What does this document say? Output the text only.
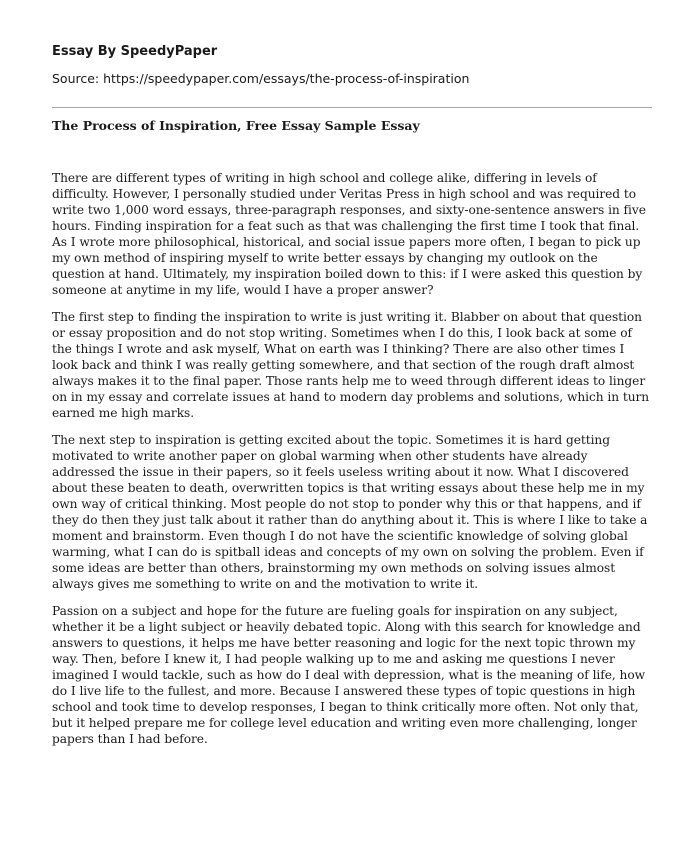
Essay By SpeedyPaper

Source: https://speedypaper.com/essays/the-process-of-inspiration

The Process of Inspiration, Free Essay Sample Essay

There are different types of writing in high school and college alike, differing in levels of difficulty. However, I personally studied under Veritas Press in high school and was required to write two 1,000 word essays, three-paragraph responses, and sixty-one-sentence answers in five hours. Finding inspiration for a feat such as that was challenging the first time I took that final. As I wrote more philosophical, historical, and social issue papers more often, I began to pick up my own method of inspiring myself to write better essays by changing my outlook on the question at hand. Ultimately, my inspiration boiled down to this: if I were asked this question by someone at anytime in my life, would I have a proper answer?

The first step to finding the inspiration to write is just writing it. Blabber on about that question or essay proposition and do not stop writing. Sometimes when I do this, I look back at some of the things I wrote and ask myself, What on earth was I thinking? There are also other times I look back and think I was really getting somewhere, and that section of the rough draft almost always makes it to the final paper. Those rants help me to weed through different ideas to linger on in my essay and correlate issues at hand to modern day problems and solutions, which in turn earned me high marks.

The next step to inspiration is getting excited about the topic. Sometimes it is hard getting motivated to write another paper on global warming when other students have already addressed the issue in their papers, so it feels useless writing about it now. What I discovered about these beaten to death, overwritten topics is that writing essays about these help me in my own way of critical thinking. Most people do not stop to ponder why this or that happens, and if they do then they just talk about it rather than do anything about it. This is where I like to take a moment and brainstorm. Even though I do not have the scientific knowledge of solving global warming, what I can do is spitball ideas and concepts of my own on solving the problem. Even if some ideas are better than others, brainstorming my own methods on solving issues almost always gives me something to write on and the motivation to write it.

Passion on a subject and hope for the future are fueling goals for inspiration on any subject, whether it be a light subject or heavily debated topic. Along with this search for knowledge and answers to questions, it helps me have better reasoning and logic for the next topic thrown my way. Then, before I knew it, I had people walking up to me and asking me questions I never imagined I would tackle, such as how do I deal with depression, what is the meaning of life, how do I live life to the fullest, and more. Because I answered these types of topic questions in high school and took time to develop responses, I began to think critically more often. Not only that, but it helped prepare me for college level education and writing even more challenging, longer papers than I had before.
